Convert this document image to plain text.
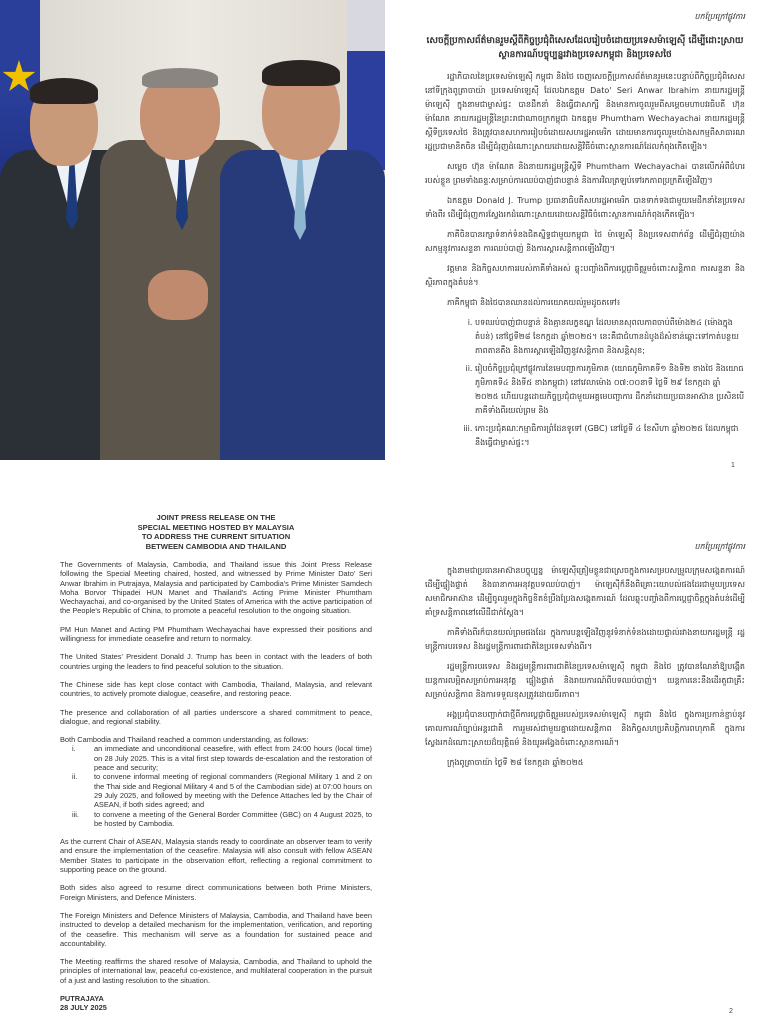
បកប្រែក្រៅផ្លូវការ

សេចក្តីប្រកាសព័ត៌មានរួមស្តីពីកិច្ចប្រជុំពិសេសដែលរៀបចំដោយប្រទេសម៉ាឡេស៊ី ដើម្បីដោះស្រាយស្ថានការណ៍បច្ចុប្បន្នរវាងប្រទេសកម្ពុជា និងប្រទេសថៃ

រដ្ឋាភិបាលនៃប្រទេសម៉ាឡេស៊ី កម្ពុជា និងថៃ ចេញសេចក្តីប្រកាសព័ត៌មានរួមនេះបន្ទាប់ពីកិច្ចប្រជុំពិសេស នៅទីក្រុងពូត្រាចាយ៉ា ប្រទេសម៉ាឡេស៊ី ដែលឯកឧត្តម Dato' Seri Anwar Ibrahim នាយករដ្ឋមន្ត្រីម៉ាឡេស៊ី ក្នុងនាមជាម្ចាស់ផ្ទះ បានដឹកនាំ និងធ្វើជាសាក្សី និងមានការចូលរួមពីសម្តេចមហាបវរធិបតី ហ៊ុន ម៉ាណែត នាយករដ្ឋមន្ត្រីនៃព្រះរាជាណាចក្រកម្ពុជា ឯកឧត្តម Phumtham Wechayachai នាយករដ្ឋមន្ត្រីស្តីទីប្រទេសថៃ និងត្រូវបានសហការរៀបចំដោយសហរដ្ឋអាមេរិក ដោយមានការចូលរួមយ៉ាងសកម្មពីសាធារណរដ្ឋប្រជាមានិតចិន ដើម្បីជំរុញដំណោះស្រាយដោយសន្តិវិធីចំពោះស្ថានការណ៍ដែលកំពុងកើតឡើង។

សម្តេច ហ៊ុន ម៉ាណែត និងនាយករដ្ឋមន្ត្រីស្តីទី Phumtham Wechayachai បានលើកអំពីជំហររបស់ខ្លួន ព្រមទាំងឆន្ទៈសម្រាប់ការឈប់បាញ់ជាបន្ទាន់ និងការវិលត្រឡប់ទៅរកភាពប្រក្រតីឡើងវិញ។

ឯកឧត្តម Donald J. Trump ប្រធានាធិបតីសហរដ្ឋអាមេរិក បានទាក់ទងជាមួយមេដឹកនាំនៃប្រទេសទាំងពីរ ដើម្បីជំរុញការស្វែងរកដំណោះស្រាយដោយសន្តិវិធីចំពោះស្ថានការណ៍កំពុងកើតឡើង។

ភាគីចិនបានរក្សាទំនាក់ទំនងជិតស្និទ្ធជាមួយកម្ពុជា ថៃ ម៉ាឡេស៊ី និងប្រទេសពាក់ព័ន្ធ ដើម្បីជំរុញយ៉ាងសកម្មនូវការសន្ទនា ការឈប់បាញ់ និងការស្តារសន្តិភាពឡើងវិញ។

វត្តមាន និងកិច្ចសហការរបស់ភាគីទាំងអស់ ឆ្លុះបញ្ចាំងពីការប្តេជ្ញាចិត្តរួមចំពោះសន្តិភាព ការសន្ទនា និងស្ថិរភាពក្នុងតំបន់។

ភាគីកម្ពុជា និងថៃបានឈានដល់ការយោគយល់រួមដូចតទៅ៖

i. បទឈប់បាញ់ជាបន្ទាន់ និងគ្មានលក្ខខណ្ឌ ដែលមានសុពលភាពចាប់ពីម៉ោង២៤ (ម៉ោងក្នុងតំបន់) នៅថ្ងៃទី២៨ ខែកក្កដា ឆ្នាំ២០២៥។ នេះគឺជាជំហានដំបូងដ៏សំខាន់ឆ្ពោះទៅកាត់បន្ថយភាពតានតឹង និងការស្តារឡើងវិញនូវសន្តិភាព និងសន្តិសុខ;
ii. រៀបចំកិច្ចប្រជុំក្រៅផ្លូវការនៃមេបញ្ជាការភូមិភាគ (យោធភូមិភាគទី១ និងទី២ ខាងថៃ និងយោធភូមិភាគទី៤ និងទី៥ ខាងកម្ពុជា) នៅវេលាម៉ោង ០៧:០០នាទី ថ្ងៃទី ២៩ ខែកក្កដា ឆ្នាំ ២០២៥ ហើយបន្តដោយកិច្ចប្រជុំជាមួយអគ្គមេបញ្ជាការ ដឹកនាំដោយប្រធានអាស៊ាន ប្រសិនបើភាគីទាំងពីរយល់ព្រម និង
iii. កោះប្រជុំគណៈកម្មាធិការព្រំដែនទូទៅ (GBC) នៅថ្ងៃទី ៤ ខែសីហា ឆ្នាំ២០២៥ ដែលកម្ពុជានឹងធ្វើជាម្ចាស់ផ្ទះ។
1
JOINT PRESS RELEASE ON THE
SPECIAL MEETING HOSTED BY MALAYSIA
TO ADDRESS THE CURRENT SITUATION
BETWEEN CAMBODIA AND THAILAND

The Governments of Malaysia, Cambodia, and Thailand issue this Joint Press Release following the Special Meeting chaired, hosted, and witnessed by Prime Minister Dato' Seri Anwar Ibrahim in Putrajaya, Malaysia and participated by Cambodia's Prime Minister Samdech Moha Borvor Thipadei HUN Manet and Thailand's Acting Prime Minister Phumtham Wechayachai, and co-organised by the United States of America with the active participation of the People's Republic of China, to promote a peaceful resolution to the ongoing situation.

PM Hun Manet and Acting PM Phumtham Wechayachai have expressed their positions and willingness for immediate ceasefire and return to normalcy.

The United States' President Donald J. Trump has been in contact with the leaders of both countries urging the leaders to find peaceful solution to the situation.

The Chinese side has kept close contact with Cambodia, Thailand, Malaysia, and relevant countries, to actively promote dialogue, ceasefire, and restoring peace.

The presence and collaboration of all parties underscore a shared commitment to peace, dialogue, and regional stability.

Both Cambodia and Thailand reached a common understanding, as follows:

i.	an immediate and unconditional ceasefire, with effect from 24:00 hours (local time) on 28 July 2025. This is a vital first step towards de-escalation and the restoration of peace and security;
ii.	to convene informal meeting of regional commanders (Regional Military 1 and 2 on the Thai side and Regional Military 4 and 5 of the Cambodian side) at 07:00 hours on 29 July 2025, and followed by meeting with the Defence Attaches led by the Chair of ASEAN, if both sides agreed; and
iii.	to convene a meeting of the General Border Committee (GBC) on 4 August 2025, to be hosted by Cambodia.

As the current Chair of ASEAN, Malaysia stands ready to coordinate an observer team to verify and ensure the implementation of the ceasefire. Malaysia will also consult with fellow ASEAN Member States to participate in the observation effort, reflecting a regional commitment to supporting peace on the ground.

Both sides also agreed to resume direct communications between both Prime Ministers, Foreign Ministers, and Defence Ministers.

The Foreign Ministers and Defence Ministers of Malaysia, Cambodia, and Thailand have been instructed to develop a detailed mechanism for the implementation, verification, and reporting of the ceasefire. This mechanism will serve as a foundation for sustained peace and accountability.

The Meeting reaffirms the shared resolve of Malaysia, Cambodia, and Thailand to uphold the principles of international law, peaceful co-existence, and multilateral cooperation in the pursuit of a just and lasting resolution to the situation.

PUTRAJAYA
28 JULY 2025

បកប្រែក្រៅផ្លូវការ

ក្នុងនាមជាប្រធានអាស៊ានបច្ចុប្បន្ន ម៉ាឡេស៊ីត្រៀមខ្លួនជាស្រេចក្នុងការសម្របសម្រួលក្រុមសង្កេតការណ៍ ដើម្បីផ្ទៀងផ្ទាត់ និងធានាការអនុវត្តបទឈប់បាញ់។ ម៉ាឡេស៊ីក៏នឹងពិគ្រោះយោបល់ផងដែរជាមួយប្រទេសសមាជិកអាស៊ាន ដើម្បីចូលរួមក្នុងកិច្ចខិតខំប្រឹងប្រែងសង្កេតការណ៍ ដែលឆ្លុះបញ្ចាំងពីការប្តេជ្ញាចិត្តក្នុងតំបន់ដើម្បីគាំទ្រសន្តិភាពនៅលើដីជាក់ស្តែង។

ភាគីទាំងពីរក៏បានយល់ព្រមផងដែរ ក្នុងការបន្តឡើងវិញនូវទំនាក់ទំនងដោយផ្ទាល់រវាងនាយករដ្ឋមន្ត្រី រដ្ឋមន្ត្រីការបរទេស និងរដ្ឋមន្ត្រីការពារជាតិនៃប្រទេសទាំងពីរ។

រដ្ឋមន្ត្រីការបរទេស និងរដ្ឋមន្ត្រីការពារជាតិនៃប្រទេសម៉ាឡេស៊ី កម្ពុជា និងថៃ ត្រូវបានណែនាំឱ្យបង្កើតយន្តការលម្អិតសម្រាប់ការអនុវត្ត ផ្ទៀងផ្ទាត់ និងរាយការណ៍ពីបទឈប់បាញ់។ យន្តការនេះនឹងដើរតួជាគ្រឹះ សម្រាប់សន្តិភាព និងការទទួលខុសត្រូវដោយចីរភាព។

អង្គប្រជុំបានបញ្ជាក់ជាថ្មីពីការប្តេជ្ញាចិត្តរួមរបស់ប្រទេសម៉ាឡេស៊ី កម្ពុជា និងថៃ ក្នុងការប្រកាន់ខ្ជាប់នូវគោលការណ៍ច្បាប់អន្តរជាតិ ការរួមរស់ជាមួយគ្នាដោយសន្តិភាព និងកិច្ចសហប្រតិបត្តិការពហុភាគី ក្នុងការស្វែងរកដំណោះស្រាយដ៏យុត្តិធម៌ និងយូរអង្វែងចំពោះស្ថានការណ៍។

ក្រុងពូត្រាចាយ៉ា ថ្ងៃទី ២៨ ខែកក្កដា ឆ្នាំ២០២៥

2
